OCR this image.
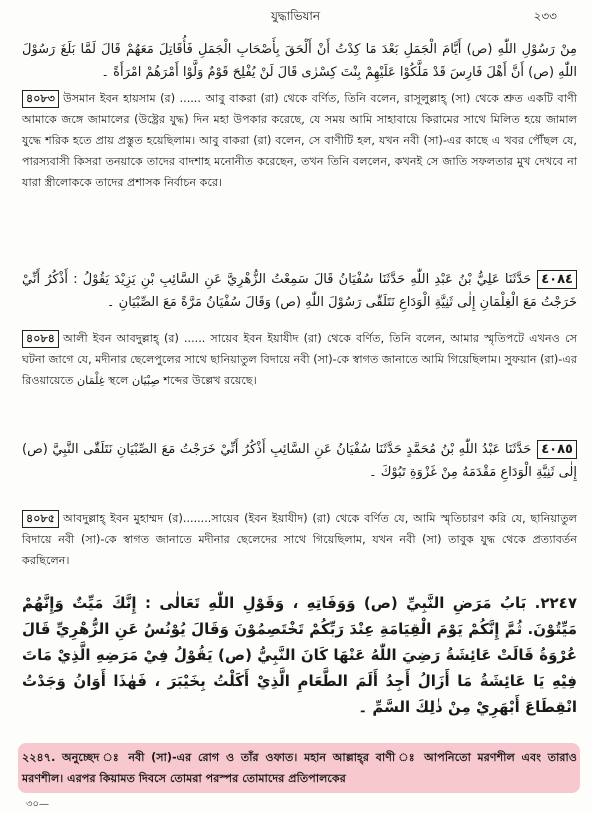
যুদ্ধাভিযান	২৩৩
مِنْ رَسُوْلِ اللّٰهِ (ص) أَيَّامَ الْجَمَلِ بَعْدَ مَا كِدْتُ أَنْ أَلْحَقَ بِأَصْحَابِ الْجَمَلِ فَأُقَاتِلَ مَعَهُمْ قَالَ لَمَّا بَلَغَ رَسُوْلَ اللّٰهِ (ص) أَنَّ أَهْلَ فَارِسَ قَدْ مَلَّكُوْا عَلَيْهِمْ بِنْتَ كِسْرٰى قَالَ لَنْ يُفْلِحَ قَوْمٌ وَلَّوْا أَمْرَهُمْ امْرَأَةً ۔
৪০৮৩ উসমান ইবন হায়সাম (র) ...... আবু বাকরা (রা) থেকে বর্ণিত, তিনি বলেন, রাসূলুল্লাহ্‌ (সা) থেকে শ্রুত একটি বাণী আমাকে জঙ্গে জামালের (উষ্ট্রের যুদ্ধ) দিন মহা উপকার করেছে, যে সময় আমি সাহাবায়ে কিরামের সাথে মিলিত হয়ে জামাল যুদ্ধে শরিক হতে প্রায় প্রস্তুত হয়েছিলাম। আবু বাকরা (রা) বলেন, সে বাণীটি হল, যখন নবী (সা)-এর কাছে এ খবর পৌঁছল যে, পারস্যবাসী কিসরা তনয়াকে তাদের বাদশাহ মনোনীত করেছেন, তখন তিনি বললেন, কখনই সে জাতি সফলতার মুখ দেখবে না যারা স্ত্রীলোককে তাদের প্রশাসক নির্বাচন করে।
٤٠٨٤حَدَّثَنَا عَلِيُّ بْنُ عَبْدِ اللّٰهِ حَدَّثَنَا سُفْيَانُ قَالَ سَمِعْتُ الزُّهْرِيَّ عَنِ السَّائِبِ بْنِ يَزِيْدَ يَقُوْلُ : أَذْكُرُ أَنِّيْ خَرَجْتُ مَعَ الْغِلْمَانِ إِلٰى ثَنِيَّةِ الْوَدَاعِ نَتَلَقّٰى رَسُوْلَ اللّٰهِ (ص) وَقَالَ سُفْيَانُ مَرَّةً مَعَ الصِّبْيَانِ ۔
৪০৮৪ আলী ইবন আবদুল্লাহ্‌ (র) ...... সায়েব ইবন ইয়াযীদ (রা) থেকে বর্ণিত, তিনি বলেন, আমার স্মৃতিপটে এখনও সে ঘটনা জাগে যে, মদীনার ছেলেপুলের সাথে ছানিয়াতুল বিদায়ে নবী (সা)-কে স্বাগত জানাতে আমি গিয়েছিলাম। সুফয়ান (রা)-এর রিওয়ায়েতে غِلْمَان স্থলে صِبْيَان শব্দের উল্লেখ রয়েছে।
٤٠٨٥حَدَّثَنَا عَبْدُ اللّٰهِ بْنُ مُحَمَّدٍ حَدَّثَنَا سُفْيَانُ عَنِ السَّائِبِ أَذْكُرُ أَنِّيْ خَرَجْتُ مَعَ الصِّبْيَانِ نَتَلَقّٰى النَّبِيَّ (ص) إِلٰى ثَنِيَّةِ الْوَدَاعِ مَقْدَمَهُ مِنْ غَزْوَةِ تَبُوْكَ ۔
৪০৮৫ আবদুল্লাহ্‌ ইবন মুহাম্মদ (র)........সায়েব (ইবন ইয়াযীদ) (রা) থেকে বর্ণিত যে, আমি স্মৃতিচারণ করি যে, ছানিয়াতুল বিদায়ে নবী (সা)-কে স্বাগত জানাতে মদীনার ছেলেদের সাথে গিয়েছিলাম, যখন নবী (সা) তাবুক যুদ্ধ থেকে প্রত্যাবর্তন করছিলেন।
٢٢٤٧. بَابُ مَرَضِ النَّبِيِّ (ص) وَوَفَاتِهِ ، وَقَوْلِ اللّٰهِ تَعَالٰى : إِنَّكَ مَيِّتٌ وَإِنَّهُمْ مَيِّتُوْنَ. ثُمَّ إِنَّكُمْ يَوْمَ الْقِيَامَةِ عِنْدَ رَبِّكُمْ تَخْتَصِمُوْنَ وَقَالَ يُوْنُسُ عَنِ الزُّهْرِيِّ قَالَ عُرْوَةُ قَالَتْ عَائِشَةُ رَضِيَ اللّٰهُ عَنْهَا كَانَ النَّبِيُّ (ص) يَقُوْلُ فِيْ مَرَضِهِ الَّذِيْ مَاتَ فِيْهِ يَا عَائِشَةُ مَا أَزَالُ أَجِدُ أَلَمَ الطَّعَامِ الَّذِيْ أَكَلْتُ بِخَيْبَرَ ، فَهٰذَا أَوَانُ وَجَدْتُ انْقِطَاعَ أَبْهَرِيْ مِنْ ذٰلِكَ السَّمِّ ۔
২২৪৭. অনুচ্ছেদ ঃ নবী (সা)-এর রোগ ও তাঁর ওফাত। মহান আল্লাহ্‌র বাণী ঃ আপনিতো মরণশীল এবং তারাও মরণশীল। এরপর কিয়ামত দিবসে তোমরা পরস্পর তোমাদের প্রতিপালকের
৩০—
